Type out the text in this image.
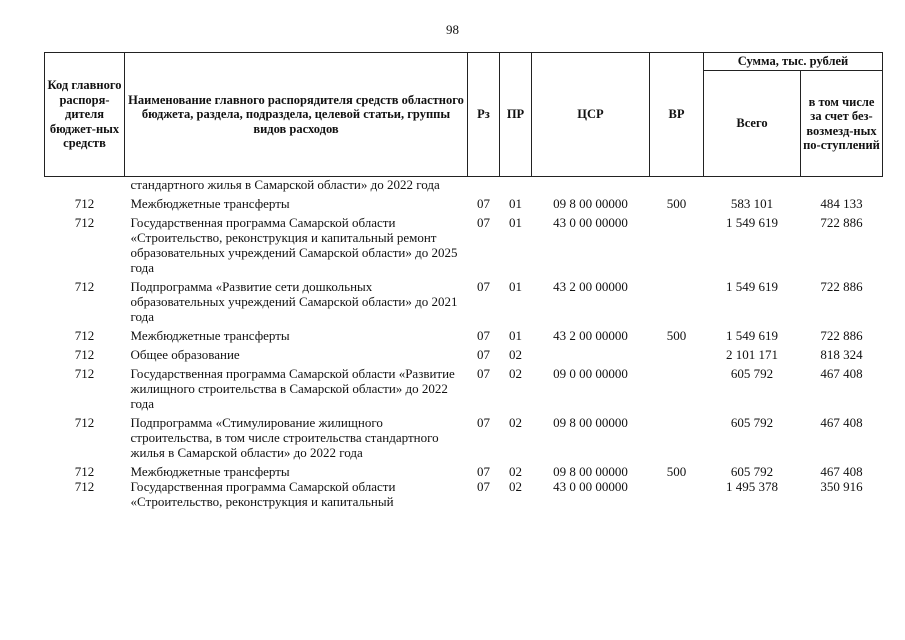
98
Код главного распоря-дителя бюджет-ных средств	Наименование главного распорядителя средств областного бюджета, раздела, подраздела, целевой статьи, группы видов расходов	Рз	ПР	ЦСР	ВР	Сумма, тыс. рублей	
						Всего	в том числе за счет без-возмезд-ных по-ступлений
	стандартного жилья в Самарской области» до 2022 года						
712	Межбюджетные трансферты	07	01	09 8 00 00000	500	583 101	484 133
712	Государственная программа Самарской области «Строительство, реконструкция и капитальный ремонт образовательных учреждений Самарской области» до 2025 года	07	01	43 0 00 00000		1 549 619	722 886
712	Подпрограмма «Развитие сети дошкольных образовательных учреждений Самарской области» до 2021 года	07	01	43 2 00 00000		1 549 619	722 886
712	Межбюджетные трансферты	07	01	43 2 00 00000	500	1 549 619	722 886
712	Общее образование	07	02			2 101 171	818 324
712	Государственная программа Самарской области «Развитие жилищного строительства в Самарской области» до 2022 года	07	02	09 0 00 00000		605 792	467 408
712	Подпрограмма «Стимулирование жилищного строительства, в том числе строительства стандартного жилья в Самарской области» до 2022 года	07	02	09 8 00 00000		605 792	467 408
712	Межбюджетные трансферты	07	02	09 8 00 00000	500	605 792	467 408
712	Государственная программа Самарской области «Строительство, реконструкция и капитальный	07	02	43 0 00 00000		1 495 378	350 916
